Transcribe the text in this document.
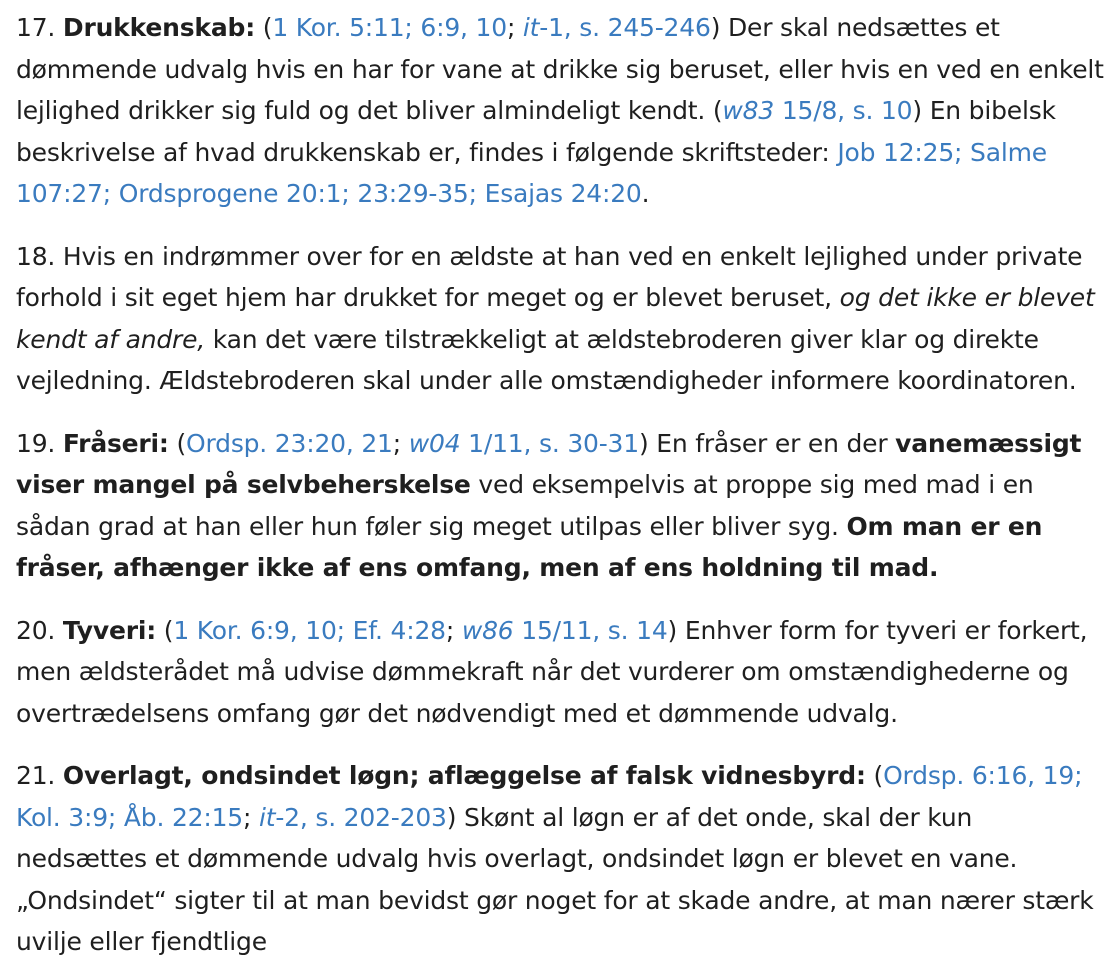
17. Drukkenskab: (1 Kor. 5:11; 6:9, 10; it-1, s. 245-246) Der skal nedsættes et dømmende udvalg hvis en har for vane at drikke sig beruset, eller hvis en ved en enkelt lejlighed drikker sig fuld og det bliver almindeligt kendt. (w83 15/8, s. 10) En bibelsk beskrivelse af hvad drukkenskab er, findes i følgende skriftsteder: Job 12:25; Salme 107:27; Ordsprogene 20:1; 23:29-35; Esajas 24:20.

18. Hvis en indrømmer over for en ældste at han ved en enkelt lejlighed under private forhold i sit eget hjem har drukket for meget og er blevet beruset, og det ikke er blevet kendt af andre, kan det være tilstrækkeligt at ældstebroderen giver klar og direkte vejledning. Ældstebroderen skal under alle omstændigheder informere koordinatoren.

19. Fråseri: (Ordsp. 23:20, 21; w04 1/11, s. 30-31) En fråser er en der vanemæssigt viser mangel på selvbeherskelse ved eksempelvis at proppe sig med mad i en sådan grad at han eller hun føler sig meget utilpas eller bliver syg. Om man er en fråser, afhænger ikke af ens omfang, men af ens holdning til mad.

20. Tyveri: (1 Kor. 6:9, 10; Ef. 4:28; w86 15/11, s. 14) Enhver form for tyveri er forkert, men ældsterådet må udvise dømmekraft når det vurderer om omstændighederne og overtrædelsens omfang gør det nødvendigt med et dømmende udvalg.

21. Overlagt, ondsindet løgn; aflæggelse af falsk vidnesbyrd: (Ordsp. 6:16, 19; Kol. 3:9; Åb. 22:15; it-2, s. 202-203) Skønt al løgn er af det onde, skal der kun nedsættes et dømmende udvalg hvis overlagt, ondsindet løgn er blevet en vane. „Ondsindet“ sigter til at man bevidst gør noget for at skade andre, at man nærer stærk uvilje eller fjendtlige
